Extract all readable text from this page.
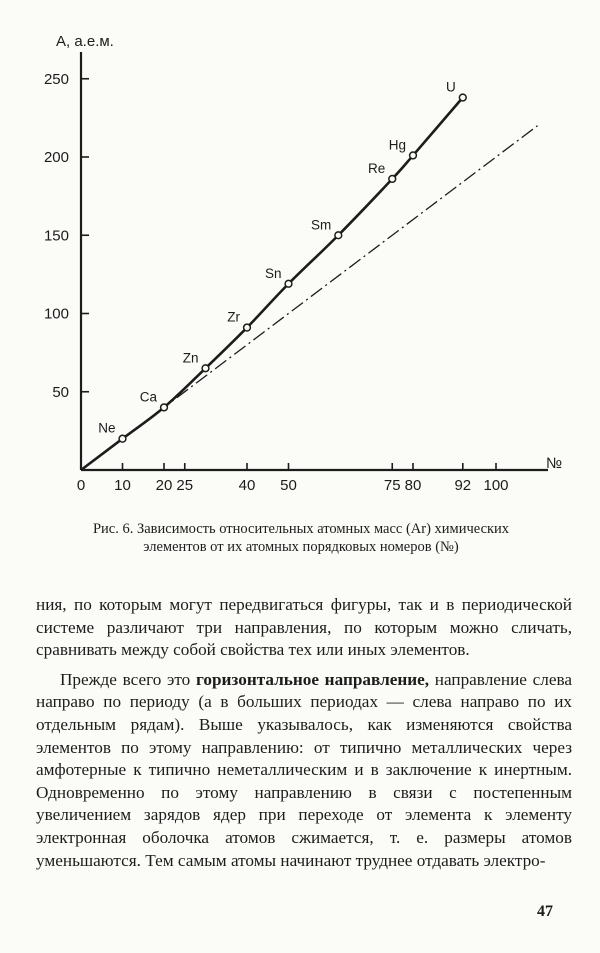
50
100
150
200
250
0 10 20 25	40 50	75 80 92 100
Ne
Ca
Zn
Zr
Sn
Sm
Re
Hg
U
A, а.е.м.
№
Рис. 6. Зависимость относительных атомных масс (Ar) химических
элементов от их атомных порядковых номеров (№)

ния, по которым могут передвигаться фигуры, так и в периодической системе различают три направления, по которым можно сличать, сравнивать между собой свойства тех или иных элементов.

Прежде всего это горизонтальное направление, направление слева направо по периоду (а в больших периодах — слева направо по их отдельным рядам). Выше указывалось, как изменяются свойства элементов по этому направлению: от типично металлических через амфотерные к типично неметаллическим и в заключение к инертным. Одновременно по этому направлению в связи с постепенным увеличением зарядов ядер при переходе от элемента к элементу электронная оболочка атомов сжимается, т. е. размеры атомов уменьшаются. Тем самым атомы начинают труднее отдавать электро-

47
